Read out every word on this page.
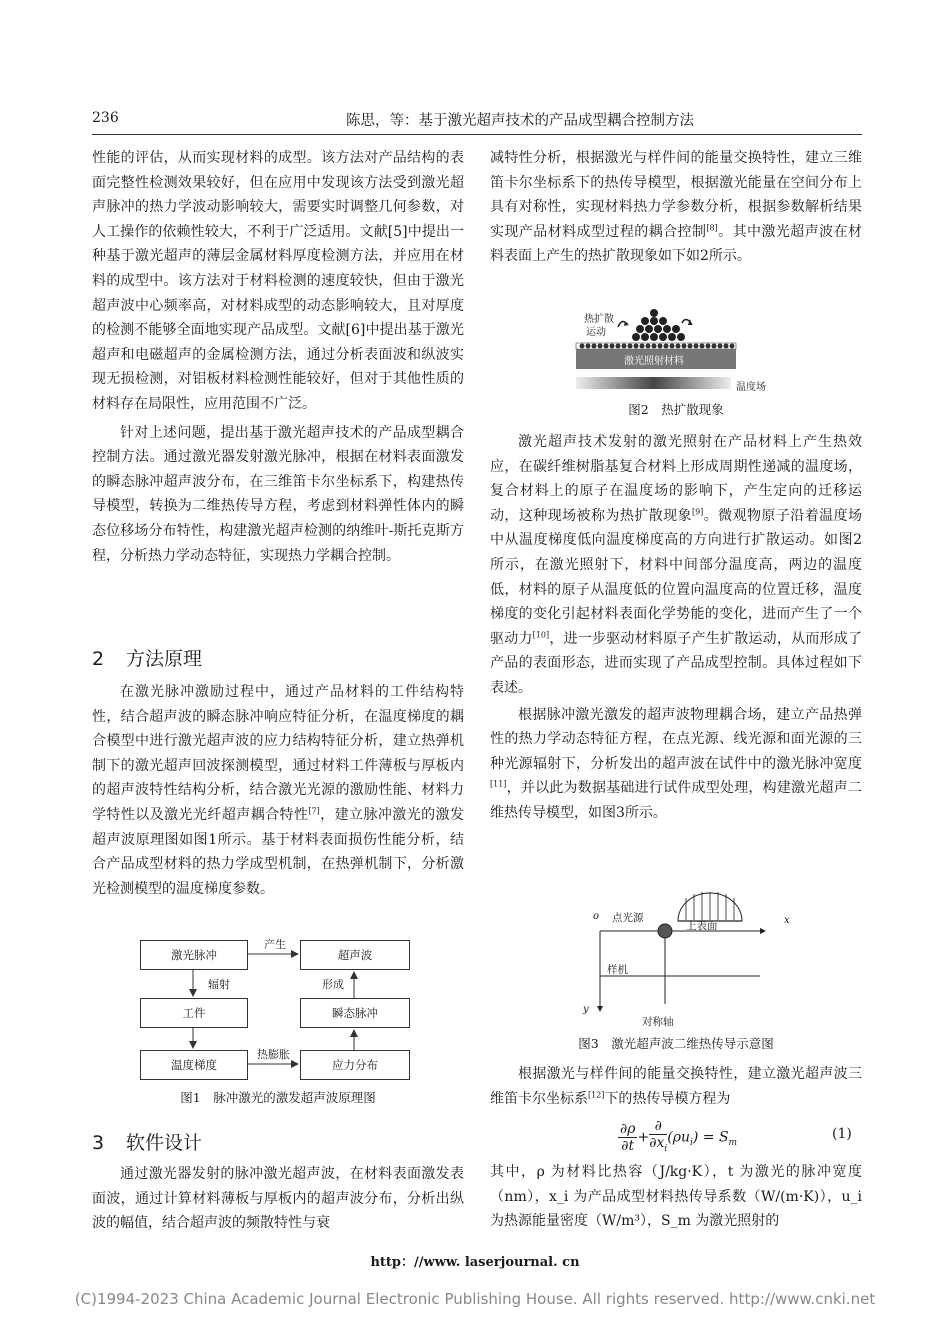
236	陈思，等：基于激光超声技术的产品成型耦合控制方法

性能的评估，从而实现材料的成型。该方法对产品结构的表面完整性检测效果较好，但在应用中发现该方法受到激光超声脉冲的热力学波动影响较大，需要实时调整几何参数，对人工操作的依赖性较大，不利于广泛适用。文献[5]中提出一种基于激光超声的薄层金属材料厚度检测方法，并应用在材料的成型中。该方法对于材料检测的速度较快，但由于激光超声波中心频率高，对材料成型的动态影响较大，且对厚度的检测不能够全面地实现产品成型。文献[6]中提出基于激光超声和电磁超声的金属检测方法，通过分析表面波和纵波实现无损检测，对铝板材料检测性能较好，但对于其他性质的材料存在局限性，应用范围不广泛。

针对上述问题，提出基于激光超声技术的产品成型耦合控制方法。通过激光器发射激光脉冲，根据在材料表面激发的瞬态脉冲超声波分布，在三维笛卡尔坐标系下，构建热传导模型，转换为二维热传导方程，考虑到材料弹性体内的瞬态位移场分布特性，构建激光超声检测的纳维叶-斯托克斯方程，分析热力学动态特征，实现热力学耦合控制。

2 方法原理

在激光脉冲激励过程中，通过产品材料的工件结构特性，结合超声波的瞬态脉冲响应特征分析，在温度梯度的耦合模型中进行激光超声波的应力结构特征分析，建立热弹机制下的激光超声回波探测模型，通过材料工件薄板与厚板内的超声波特性结构分析，结合激光光源的激励性能、材料力学特性以及激光光纤超声耦合特性[7]，建立脉冲激光的激发超声波原理图如图1所示。基于材料表面损伤性能分析，结合产品成型材料的热力学成型机制，在热弹机制下，分析激光检测模型的温度梯度参数。

激光脉冲	超声波
工件	瞬态脉冲
温度梯度	应力分布
产生
辐射	形成
热膨胀
图1　脉冲激光的激发超声波原理图
3 软件设计

通过激光器发射的脉冲激光超声波，在材料表面激发表面波，通过计算材料薄板与厚板内的超声波分布，分析出纵波的幅值，结合超声波的频散特性与衰

减特性分析，根据激光与样件间的能量交换特性，建立三维笛卡尔坐标系下的热传导模型，根据激光能量在空间分布上具有对称性，实现材料热力学参数分析，根据参数解析结果实现产品材料成型过程的耦合控制[8]。其中激光超声波在材料表面上产生的热扩散现象如下如2所示。

热扩散
运动
激光照射材料
温度场
图2　热扩散现象

激光超声技术发射的激光照射在产品材料上产生热效应，在碳纤维树脂基复合材料上形成周期性递减的温度场，复合材料上的原子在温度场的影响下，产生定向的迁移运动，这种现场被称为热扩散现象[9]。微观物原子沿着温度场中从温度梯度低向温度梯度高的方向进行扩散运动。如图2所示，在激光照射下，材料中间部分温度高，两边的温度低，材料的原子从温度低的位置向温度高的位置迁移，温度梯度的变化引起材料表面化学势能的变化，进而产生了一个驱动力[10]，进一步驱动材料原子产生扩散运动，从而形成了产品的表面形态，进而实现了产品成型控制。具体过程如下表述。

根据脉冲激光激发的超声波物理耦合场，建立产品热弹性的热力学动态特征方程，在点光源、线光源和面光源的三种光源辐射下，分析发出的超声波在试件中的激光脉冲宽度[11]，并以此为数据基础进行试件成型处理，构建激光超声二维热传导模型，如图3所示。

o 点光源
上表面	x
样机
y
对称轴
图3　激光超声波二维热传导示意图

根据激光与样件间的能量交换特性，建立激光超声波三维笛卡尔坐标系[12]下的热传导模方程为

$\frac{\partial\rho}{\partial t} + \frac{\partial}{\partial x_i} (\rho u_i) = S_m$
(1)

其中，ρ 为材料比热容（J/kg·K），t 为激光的脉冲宽度（nm），x_i 为产品成型材料热传导系数（W/(m·K)），u_i 为热源能量密度（W/m³），S_m 为激光照射的

http：//www. laserjournal. cn
(C)1994-2023 China Academic Journal Electronic Publishing House. All rights reserved. http://www.cnki.net
